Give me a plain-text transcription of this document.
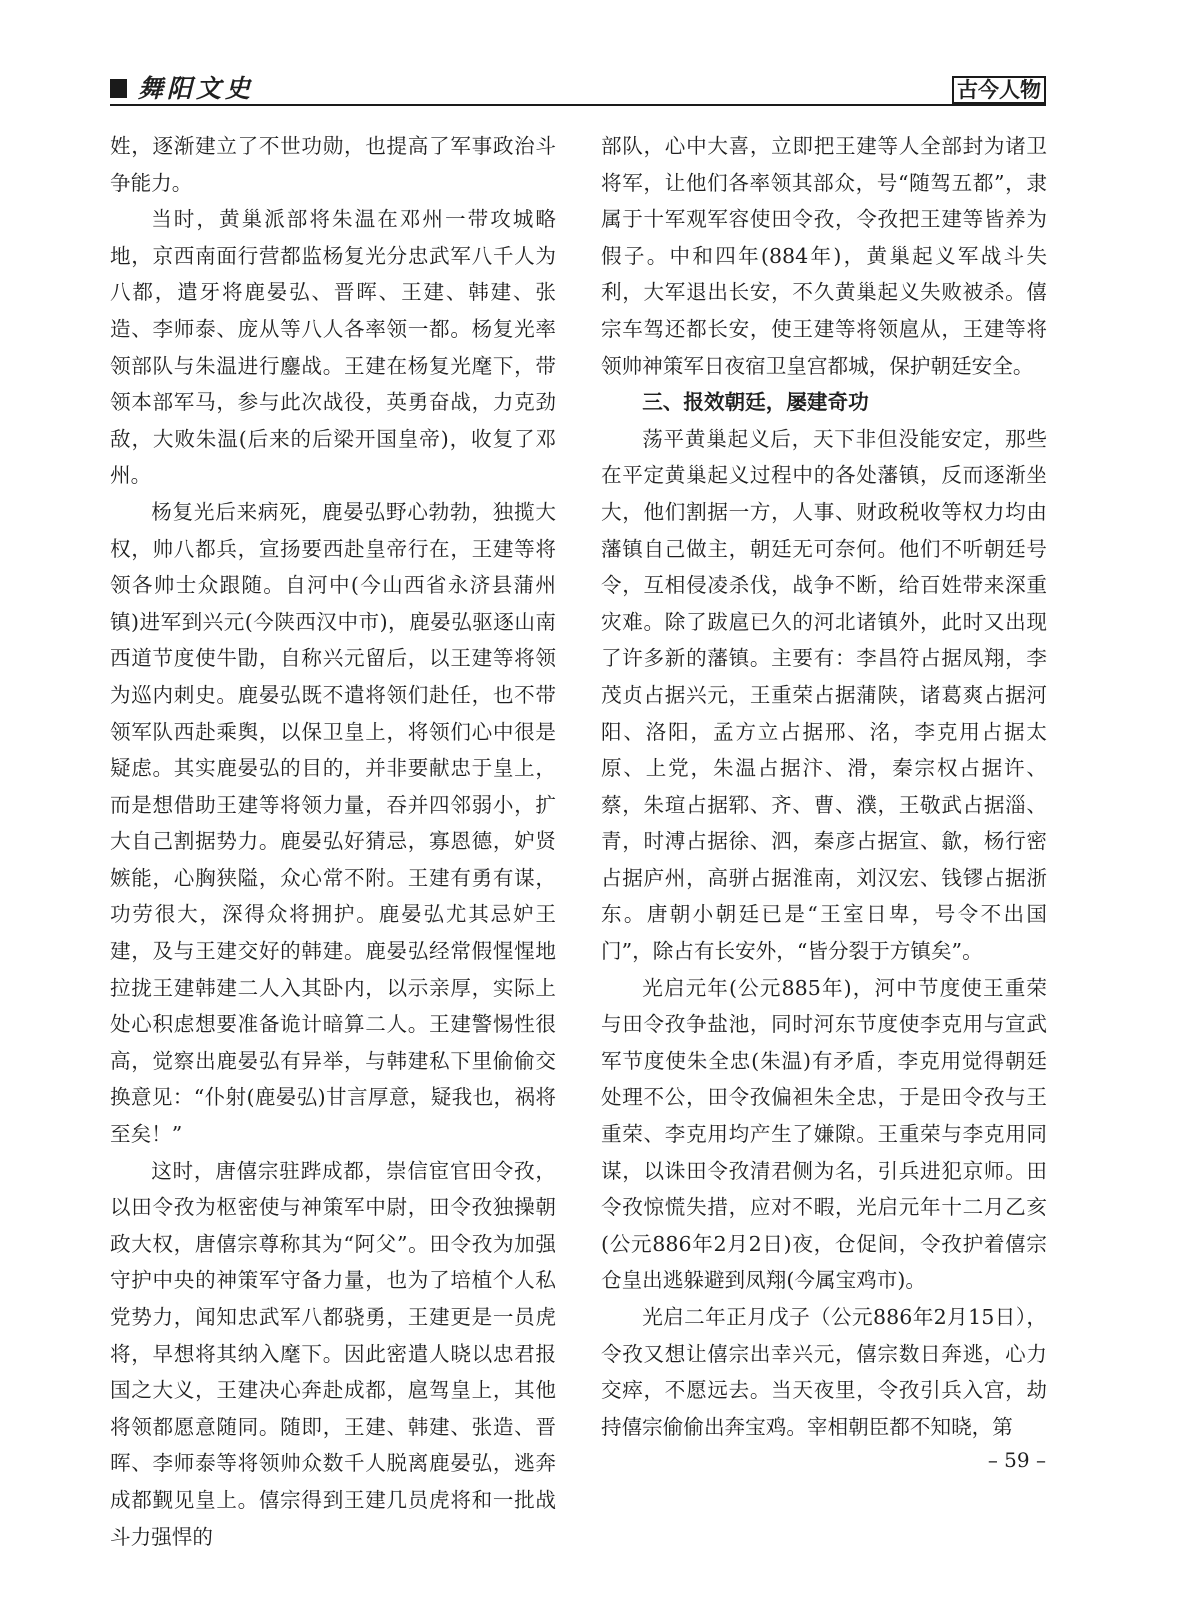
舞阳文史	古今人物

姓，逐渐建立了不世功勋，也提高了军事政治斗争能力。

当时，黄巢派部将朱温在邓州一带攻城略地，京西南面行营都监杨复光分忠武军八千人为八都，遣牙将鹿晏弘、晋晖、王建、韩建、张造、李师泰、庞从等八人各率领一都。杨复光率领部队与朱温进行鏖战。王建在杨复光麾下，带领本部军马，参与此次战役，英勇奋战，力克劲敌，大败朱温(后来的后梁开国皇帝)，收复了邓州。

杨复光后来病死，鹿晏弘野心勃勃，独揽大权，帅八都兵，宣扬要西赴皇帝行在，王建等将领各帅士众跟随。自河中(今山西省永济县蒲州镇)进军到兴元(今陕西汉中市)，鹿晏弘驱逐山南西道节度使牛勖，自称兴元留后，以王建等将领为巡内刺史。鹿晏弘既不遣将领们赴任，也不带领军队西赴乘舆，以保卫皇上，将领们心中很是疑虑。其实鹿晏弘的目的，并非要献忠于皇上，而是想借助王建等将领力量，吞并四邻弱小，扩大自己割据势力。鹿晏弘好猜忌，寡恩德，妒贤嫉能，心胸狭隘，众心常不附。王建有勇有谋，功劳很大，深得众将拥护。鹿晏弘尤其忌妒王建，及与王建交好的韩建。鹿晏弘经常假惺惺地拉拢王建韩建二人入其卧内，以示亲厚，实际上处心积虑想要准备诡计暗算二人。王建警惕性很高，觉察出鹿晏弘有异举，与韩建私下里偷偷交换意见：“仆射(鹿晏弘)甘言厚意，疑我也，祸将至矣！”

这时，唐僖宗驻跸成都，崇信宦官田令孜，以田令孜为枢密使与神策军中尉，田令孜独操朝政大权，唐僖宗尊称其为“阿父”。田令孜为加强守护中央的神策军守备力量，也为了培植个人私党势力，闻知忠武军八都骁勇，王建更是一员虎将，早想将其纳入麾下。因此密遣人晓以忠君报国之大义，王建决心奔赴成都，扈驾皇上，其他将领都愿意随同。随即，王建、韩建、张造、晋晖、李师泰等将领帅众数千人脱离鹿晏弘，逃奔成都觐见皇上。僖宗得到王建几员虎将和一批战斗力强悍的

部队，心中大喜，立即把王建等人全部封为诸卫将军，让他们各率领其部众，号“随驾五都”，隶属于十军观军容使田令孜，令孜把王建等皆养为假子。中和四年(884年)，黄巢起义军战斗失利，大军退出长安，不久黄巢起义失败被杀。僖宗车驾还都长安，使王建等将领扈从，王建等将领帅神策军日夜宿卫皇宫都城，保护朝廷安全。

三、报效朝廷，屡建奇功

荡平黄巢起义后，天下非但没能安定，那些在平定黄巢起义过程中的各处藩镇，反而逐渐坐大，他们割据一方，人事、财政税收等权力均由藩镇自己做主，朝廷无可奈何。他们不听朝廷号令，互相侵凌杀伐，战争不断，给百姓带来深重灾难。除了跋扈已久的河北诸镇外，此时又出现了许多新的藩镇。主要有：李昌符占据凤翔，李茂贞占据兴元，王重荣占据蒲陕，诸葛爽占据河阳、洛阳，孟方立占据邢、洺，李克用占据太原、上党，朱温占据汴、滑，秦宗权占据许、蔡，朱瑄占据郓、齐、曹、濮，王敬武占据淄、青，时溥占据徐、泗，秦彦占据宣、歙，杨行密占据庐州，高骈占据淮南，刘汉宏、钱镠占据浙东。唐朝小朝廷已是“王室日卑，号令不出国门”，除占有长安外，“皆分裂于方镇矣”。

光启元年(公元885年)，河中节度使王重荣与田令孜争盐池，同时河东节度使李克用与宣武军节度使朱全忠(朱温)有矛盾，李克用觉得朝廷处理不公，田令孜偏袒朱全忠，于是田令孜与王重荣、李克用均产生了嫌隙。王重荣与李克用同谋，以诛田令孜清君侧为名，引兵进犯京师。田令孜惊慌失措，应对不暇，光启元年十二月乙亥(公元886年2月2日)夜，仓促间，令孜护着僖宗仓皇出逃躲避到凤翔(今属宝鸡市)。

光启二年正月戊子（公元886年2月15日），令孜又想让僖宗出幸兴元，僖宗数日奔逃，心力交瘁，不愿远去。当天夜里，令孜引兵入宫，劫持僖宗偷偷出奔宝鸡。宰相朝臣都不知晓，第

– 59 –
